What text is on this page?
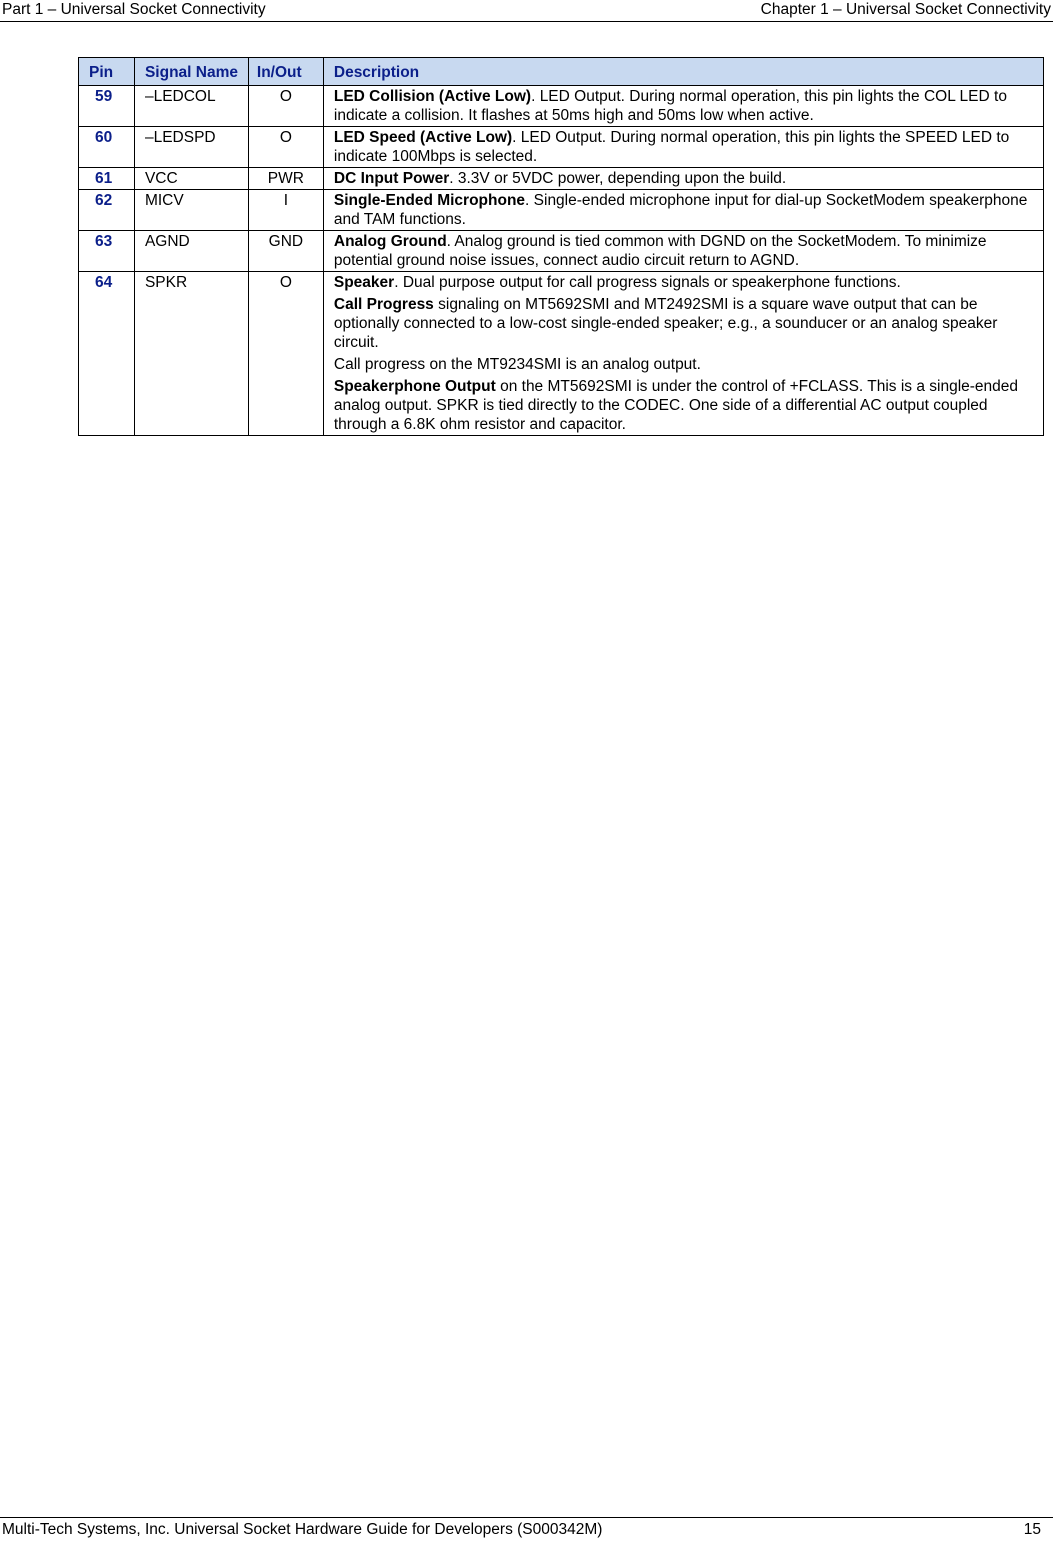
Part 1 – Universal Socket Connectivity	Chapter 1 – Universal Socket Connectivity
Pin	Signal Name	In/Out	Description
59	–LEDCOL	O	LED Collision (Active Low). LED Output. During normal operation, this pin lights the COL LED to indicate a collision. It flashes at 50ms high and 50ms low when active.

60	–LEDSPD	O	LED Speed (Active Low). LED Output. During normal operation, this pin lights the SPEED LED to indicate 100Mbps is selected.

61	VCC	PWR	DC Input Power. 3.3V or 5VDC power, depending upon the build.

62	MICV	I	Single-Ended Microphone. Single-ended microphone input for dial-up SocketModem speakerphone and TAM functions.

63	AGND	GND	Analog Ground. Analog ground is tied common with DGND on the SocketModem. To minimize potential ground noise issues, connect audio circuit return to AGND.

64	SPKR	O	Speaker. Dual purpose output for call progress signals or speakerphone functions.

Call Progress signaling on MT5692SMI and MT2492SMI is a square wave output that can be optionally connected to a low-cost single-ended speaker; e.g., a sounducer or an analog speaker circuit.

Call progress on the MT9234SMI is an analog output.

Speakerphone Output on the MT5692SMI is under the control of +FCLASS. This is a single-ended analog output. SPKR is tied directly to the CODEC. One side of a differential AC output coupled through a 6.8K ohm resistor and capacitor.

Multi-Tech Systems, Inc. Universal Socket Hardware Guide for Developers (S000342M)	15
